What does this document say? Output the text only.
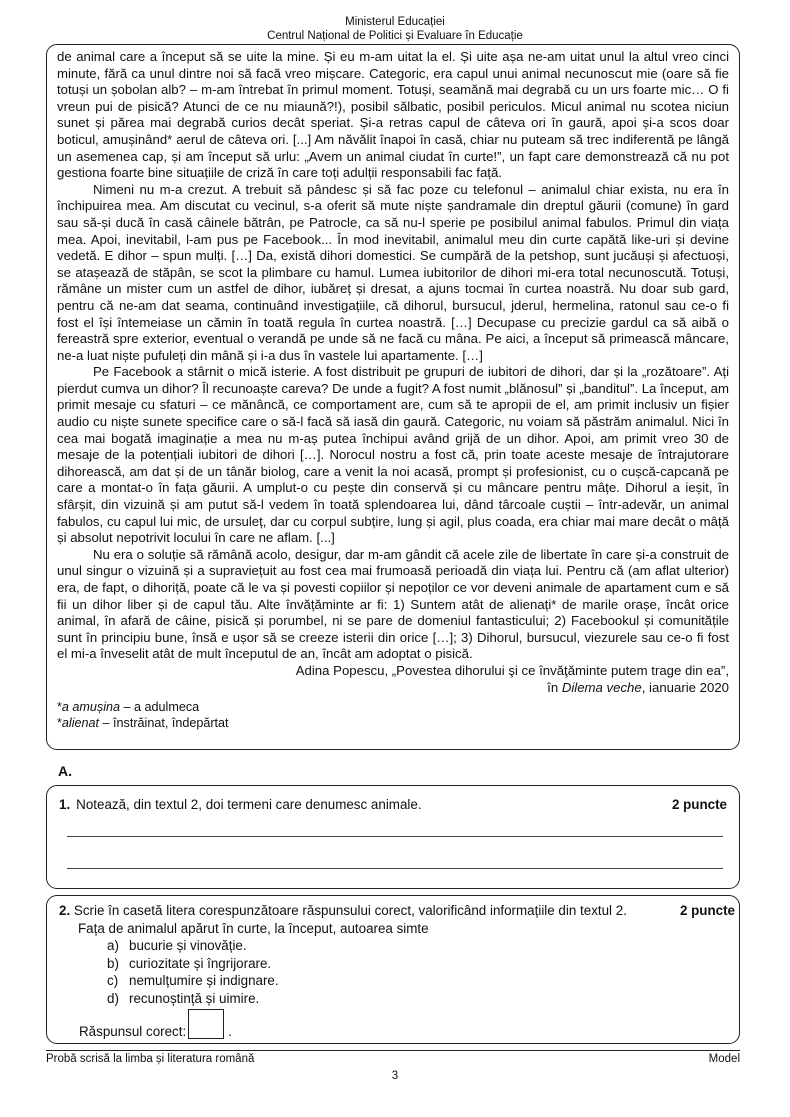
Ministerul Educației
Centrul Național de Politici și Evaluare în Educație

de animal care a început să se uite la mine. Și eu m-am uitat la el. Și uite așa ne-am uitat unul la altul vreo cinci minute, fără ca unul dintre noi să facă vreo mișcare. Categoric, era capul unui animal necunoscut mie (oare să fie totuși un șobolan alb? – m-am întrebat în primul moment. Totuși, seamănă mai degrabă cu un urs foarte mic… O fi vreun pui de pisică? Atunci de ce nu miaună?!), posibil sălbatic, posibil periculos. Micul animal nu scotea niciun sunet și părea mai degrabă curios decât speriat. Și-a retras capul de câteva ori în gaură, apoi și-a scos doar boticul, amușinând* aerul de câteva ori. [...] Am năvălit înapoi în casă, chiar nu puteam să trec indiferentă pe lângă un asemenea cap, și am început să urlu: „Avem un animal ciudat în curte!”, un fapt care demonstrează că nu pot gestiona foarte bine situațiile de criză în care toți adulții responsabili fac față.

Nimeni nu m-a crezut. A trebuit să pândesc și să fac poze cu telefonul – animalul chiar exista, nu era în închipuirea mea. Am discutat cu vecinul, s-a oferit să mute niște șandramale din dreptul găurii (comune) în gard sau să-și ducă în casă câinele bătrân, pe Patrocle, ca să nu-l sperie pe posibilul animal fabulos. Primul din viața mea. Apoi, inevitabil, l-am pus pe Facebook... În mod inevitabil, animalul meu din curte capătă like-uri și devine vedetă. E dihor – spun mulți. […] Da, există dihori domestici. Se cumpără de la petshop, sunt jucăuși și afectuoși, se atașează de stăpân, se scot la plimbare cu hamul. Lumea iubitorilor de dihori mi-era total necunoscută. Totuși, rămâne un mister cum un astfel de dihor, iubăreț și dresat, a ajuns tocmai în curtea noastră. Nu doar sub gard, pentru că ne-am dat seama, continuând investigațiile, că dihorul, bursucul, jderul, hermelina, ratonul sau ce-o fi fost el își întemeiase un cămin în toată regula în curtea noastră. […] Decupase cu precizie gardul ca să aibă o fereastră spre exterior, eventual o verandă pe unde să ne facă cu mâna. Pe aici, a început să primească mâncare, ne-a luat niște pufuleți din mână și i-a dus în vastele lui apartamente. […]

Pe Facebook a stârnit o mică isterie. A fost distribuit pe grupuri de iubitori de dihori, dar și la „rozătoare”. Ați pierdut cumva un dihor? Îl recunoaște careva? De unde a fugit? A fost numit „blănosul” și „banditul”. La început, am primit mesaje cu sfaturi – ce mănâncă, ce comportament are, cum să te apropii de el, am primit inclusiv un fișier audio cu niște sunete specifice care o să-l facă să iasă din gaură. Categoric, nu voiam să păstrăm animalul. Nici în cea mai bogată imaginație a mea nu m-aș putea închipui având grijă de un dihor. Apoi, am primit vreo 30 de mesaje de la potențiali iubitori de dihori […]. Norocul nostru a fost că, prin toate aceste mesaje de întrajutorare dihorească, am dat și de un tânăr biolog, care a venit la noi acasă, prompt și profesionist, cu o cușcă-capcană pe care a montat-o în fața găurii. A umplut-o cu pește din conservă și cu mâncare pentru mâțe. Dihorul a ieșit, în sfârșit, din vizuină și am putut să-l vedem în toată splendoarea lui, dând târcoale cuștii – într-adevăr, un animal fabulos, cu capul lui mic, de ursuleț, dar cu corpul subțire, lung și agil, plus coada, era chiar mai mare decât o mâță și absolut nepotrivit locului în care ne aflam. [...]

Nu era o soluție să rămână acolo, desigur, dar m-am gândit că acele zile de libertate în care și-a construit de unul singur o vizuină și a supraviețuit au fost cea mai frumoasă perioadă din viața lui. Pentru că (am aflat ulterior) era, de fapt, o dihoriță, poate că le va și povesti copiilor și nepoților ce vor deveni animale de apartament cum e să fii un dihor liber și de capul tău. Alte învățăminte ar fi: 1) Suntem atât de alienați* de marile orașe, încât orice animal, în afară de câine, pisică și porumbel, ni se pare de domeniul fantasticului; 2) Facebookul și comunitățile sunt în principiu bune, însă e ușor să se creeze isterii din orice […]; 3) Dihorul, bursucul, viezurele sau ce-o fi fost el mi-a înveselit atât de mult începutul de an, încât am adoptat o pisică.

Adina Popescu, „Povestea dihorului şi ce învăţăminte putem trage din ea”,
în Dilema veche, ianuarie 2020
*a amușina – a adulmeca
*alienat – înstrăinat, îndepărtat
A.
1. Notează, din textul 2, doi termeni care denumesc animale.	2 puncte
2. Scrie în casetă litera corespunzătoare răspunsului corect, valorificând informațiile din textul 2.	2 puncte
Fața de animalul apărut în curte, la început, autoarea simte
a) bucurie și vinovăție.
b) curiozitate și îngrijorare.
c) nemulțumire și indignare.
d) recunoștință și uimire.
Răspunsul corect:	.
Probă scrisă la limba și literatura română	Model
3
